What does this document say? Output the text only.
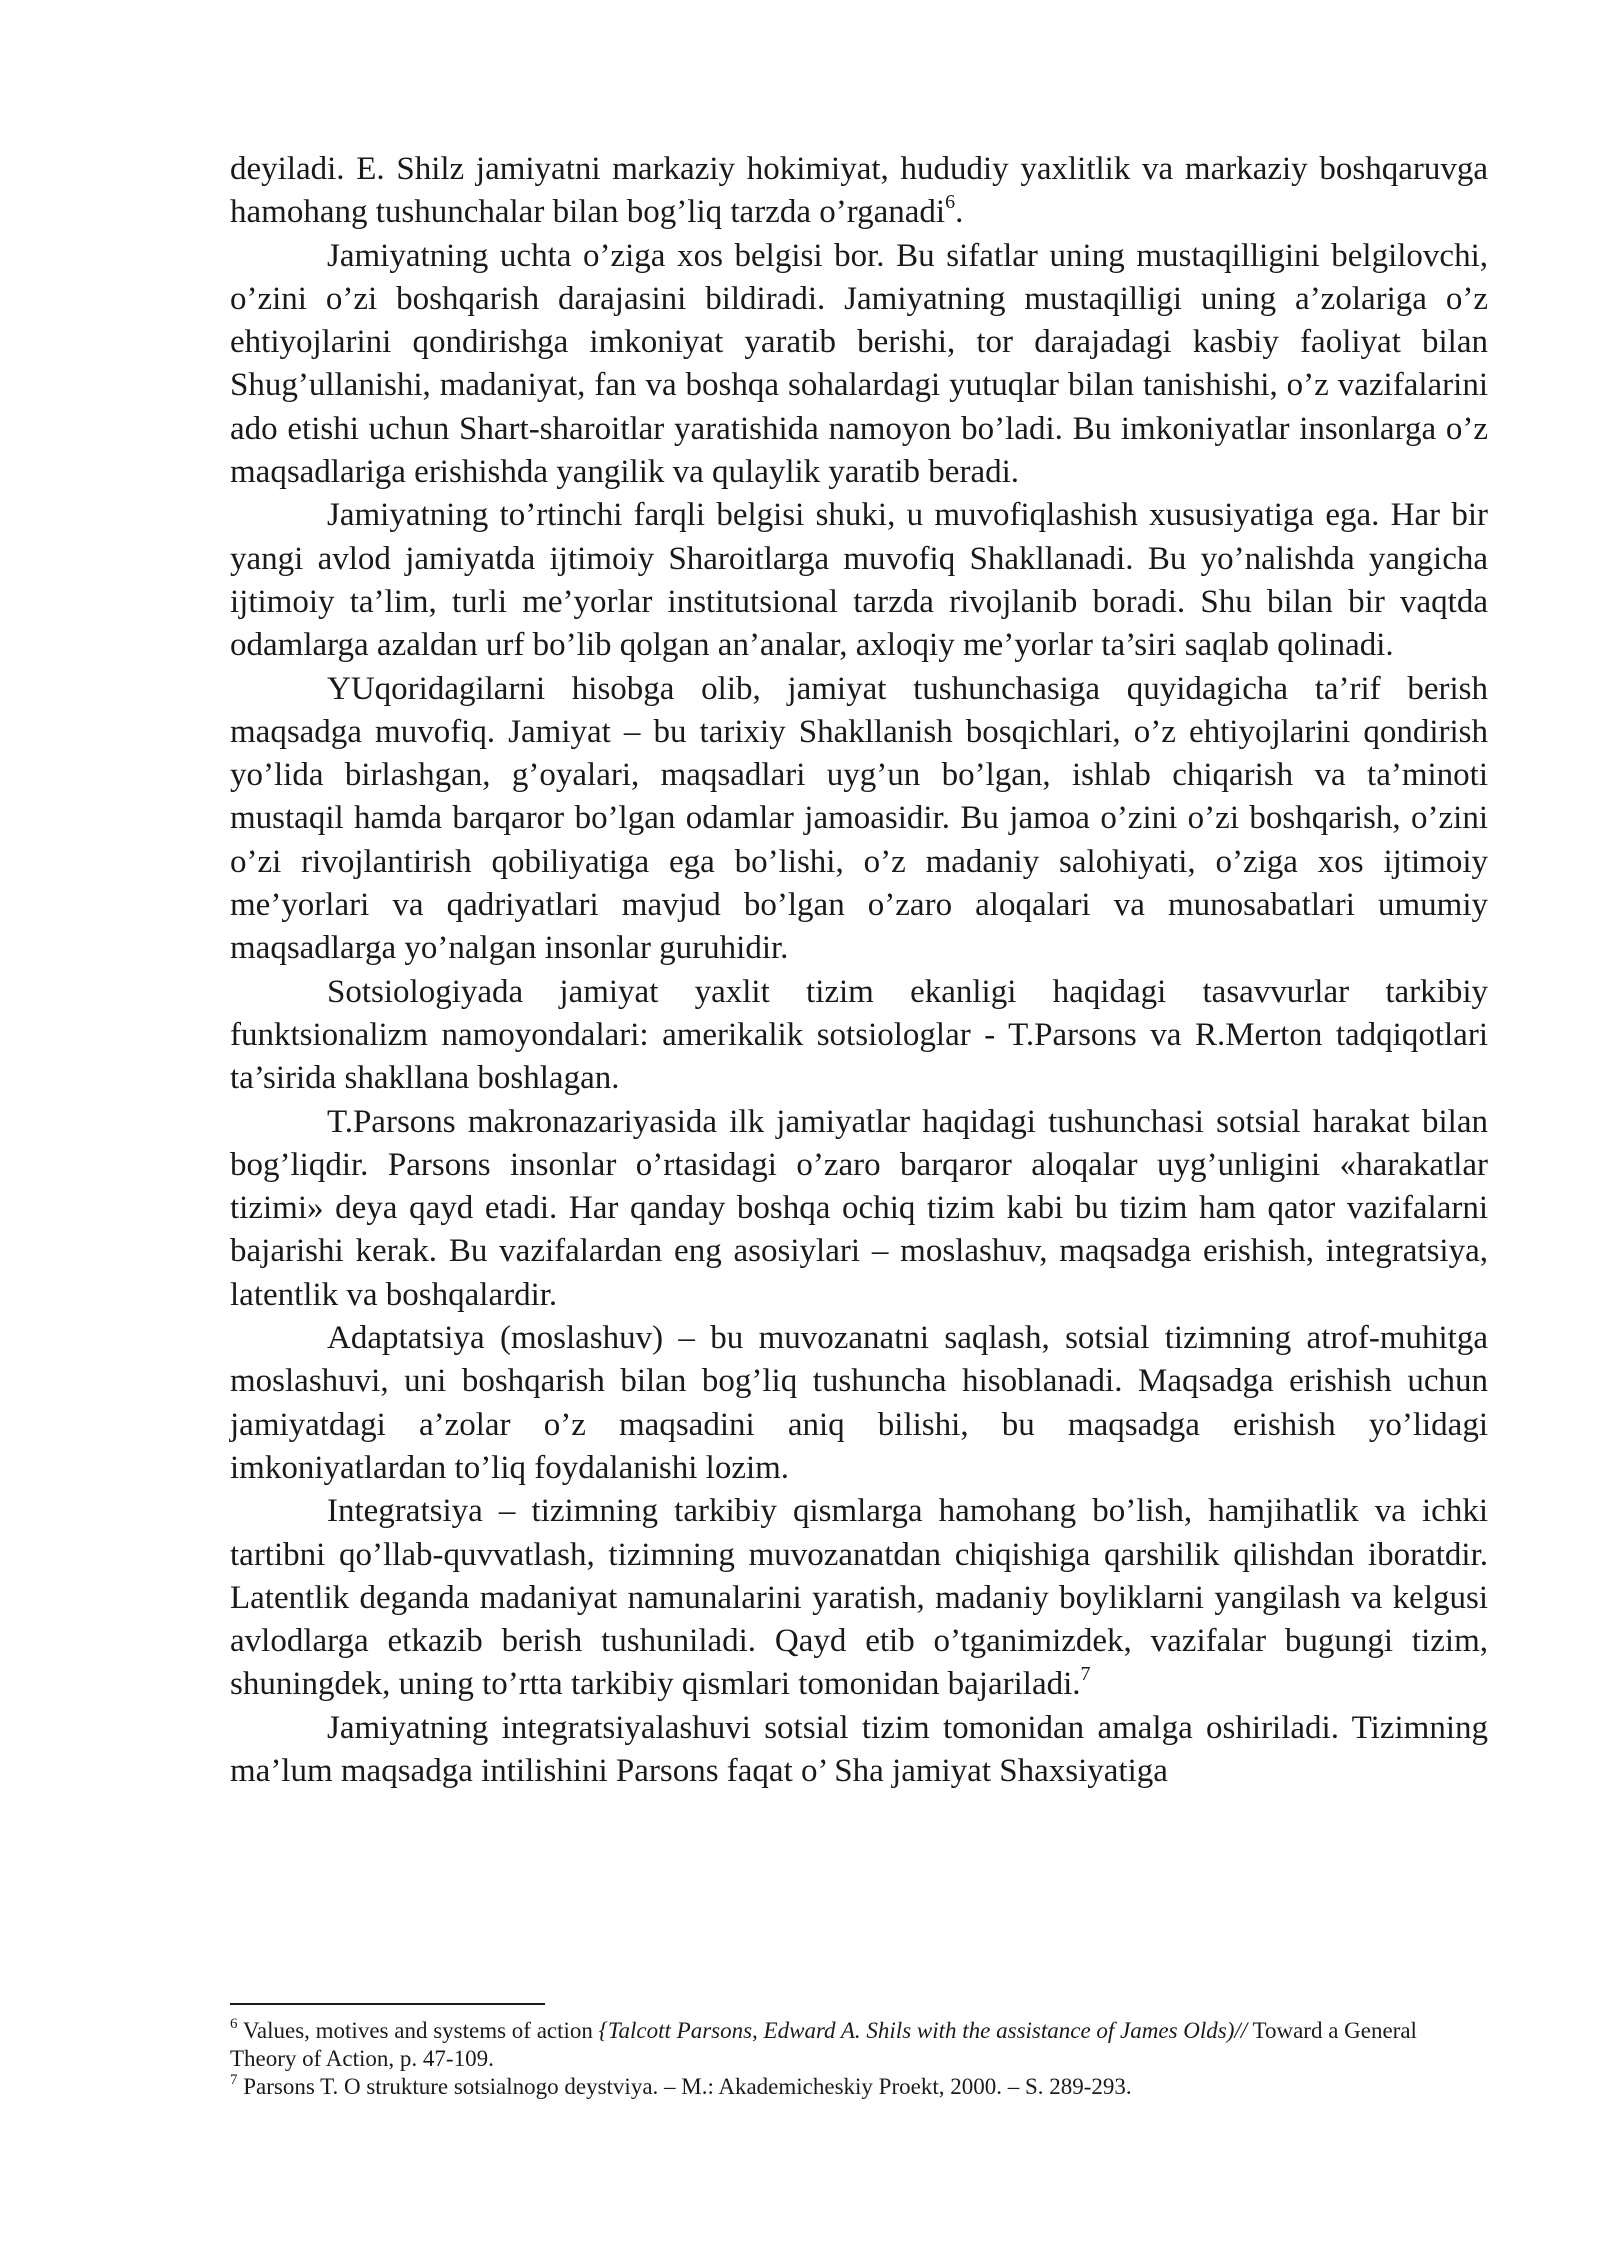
deyiladi. E. Shilz jamiyatni markaziy hokimiyat, hududiy yaxlitlik va markaziy boshqaruvga hamohang tushunchalar bilan bog’liq tarzda o’rganadi$^6$.

Jamiyatning uchta o’ziga xos belgisi bor. Bu sifatlar uning mustaqilligini belgilovchi, o’zini o’zi boshqarish darajasini bildiradi. Jamiyatning mustaqilligi uning a’zolariga o’z ehtiyojlarini qondirishga imkoniyat yaratib berishi, tor darajadagi kasbiy faoliyat bilan Shug’ullanishi, madaniyat, fan va boshqa sohalardagi yutuqlar bilan tanishishi, o’z vazifalarini ado etishi uchun Shart-sharoitlar yaratishida namoyon bo’ladi. Bu imkoniyatlar insonlarga o’z maqsadlariga erishishda yangilik va qulaylik yaratib beradi.

Jamiyatning to’rtinchi farqli belgisi shuki, u muvofiqlashish xususiyatiga ega. Har bir yangi avlod jamiyatda ijtimoiy Sharoitlarga muvofiq Shakllanadi. Bu yo’nalishda yangicha ijtimoiy ta’lim, turli me’yorlar institutsional tarzda rivojlanib boradi. Shu bilan bir vaqtda odamlarga azaldan urf bo’lib qolgan an’analar, axloqiy me’yorlar ta’siri saqlab qolinadi.

YUqoridagilarni hisobga olib, jamiyat tushunchasiga quyidagicha ta’rif berish maqsadga muvofiq. Jamiyat – bu tarixiy Shakllanish bosqichlari, o’z ehtiyojlarini qondirish yo’lida birlashgan, g’oyalari, maqsadlari uyg’un bo’lgan, ishlab chiqarish va ta’minoti mustaqil hamda barqaror bo’lgan odamlar jamoasidir. Bu jamoa o’zini o’zi boshqarish, o’zini o’zi rivojlantirish qobiliyatiga ega bo’lishi, o’z madaniy salohiyati, o’ziga xos ijtimoiy me’yorlari va qadriyatlari mavjud bo’lgan o’zaro aloqalari va munosabatlari umumiy maqsadlarga yo’nalgan insonlar guruhidir.

Sotsiologiyada jamiyat yaxlit tizim ekanligi haqidagi tasavvurlar tarkibiy funktsionalizm namoyondalari: amerikalik sotsiologlar - T.Parsons va R.Merton tadqiqotlari ta’sirida shakllana boshlagan.

T.Parsons makronazariyasida ilk jamiyatlar haqidagi tushunchasi sotsial harakat bilan bog’liqdir. Parsons insonlar o’rtasidagi o’zaro barqaror aloqalar uyg’unligini «harakatlar tizimi» deya qayd etadi. Har qanday boshqa ochiq tizim kabi bu tizim ham qator vazifalarni bajarishi kerak. Bu vazifalardan eng asosiylari – moslashuv, maqsadga erishish, integratsiya, latentlik va boshqalardir.

Adaptatsiya (moslashuv) – bu muvozanatni saqlash, sotsial tizimning atrof-muhitga moslashuvi, uni boshqarish bilan bog’liq tushuncha hisoblanadi. Maqsadga erishish uchun jamiyatdagi a’zolar o’z maqsadini aniq bilishi, bu maqsadga erishish yo’lidagi imkoniyatlardan to’liq foydalanishi lozim.

Integratsiya – tizimning tarkibiy qismlarga hamohang bo’lish, hamjihatlik va ichki tartibni qo’llab-quvvatlash, tizimning muvozanatdan chiqishiga qarshilik qilishdan iboratdir. Latentlik deganda madaniyat namunalarini yaratish, madaniy boyliklarni yangilash va kelgusi avlodlarga etkazib berish tushuniladi. Qayd etib o’tganimizdek, vazifalar bugungi tizim, shuningdek, uning to’rtta tarkibiy qismlari tomonidan bajariladi.$^7$

Jamiyatning integratsiyalashuvi sotsial tizim tomonidan amalga oshiriladi. Tizimning ma’lum maqsadga intilishini Parsons faqat o’ Sha jamiyat Shaxsiyatiga

$^6$ Values, motives and systems of action {Talcott Parsons, Edward A. Shils with the assistance of James Olds)// Toward a General Theory of Action, p. 47-109.

$^7$ Parsons T. O strukture sotsialnogo deystviya. – M.: Akademicheskiy Proekt, 2000. – S. 289-293.
